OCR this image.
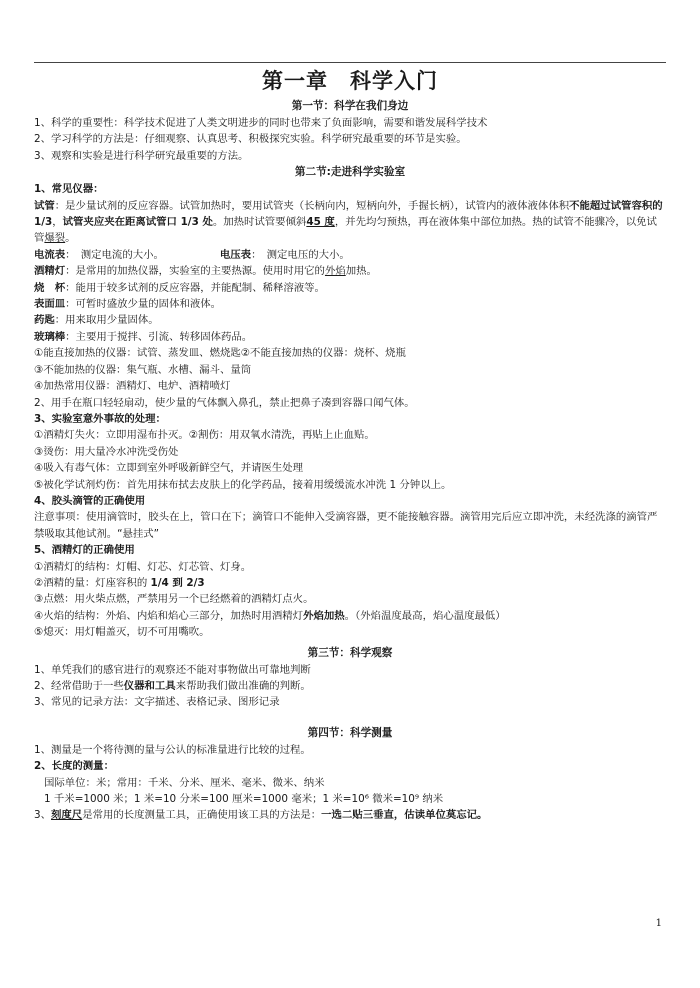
第一章　科学入门

第一节：科学在我们身边

1、科学的重要性：科学技术促进了人类文明进步的同时也带来了负面影响，需要和谐发展科学技术

2、学习科学的方法是：仔细观察、认真思考、积极探究实验。科学研究最重要的环节是实验。

3、观察和实验是进行科学研究最重要的方法。

第二节:走进科学实验室

1、常见仪器：

试管：是少量试剂的反应容器。试管加热时，要用试管夹（长柄向内，短柄向外，手握长柄），试管内的液体液体体积不能超过试管容积的 1/3，试管夹应夹在距离试管口 1/3 处。加热时试管要倾斜45 度，并先均匀预热，再在液体集中部位加热。热的试管不能骤冷，以免试管爆裂。

电流表：　测定电流的大小。	电压表：　测定电压的大小。

酒精灯：是常用的加热仪器，实验室的主要热源。使用时用它的外焰加热。

烧　杯：能用于较多试剂的反应容器，并能配制、稀释溶液等。

表面皿：可暂时盛放少量的固体和液体。

药匙：用来取用少量固体。

玻璃棒：主要用于搅拌、引流、转移固体药品。

①能直接加热的仪器：试管、蒸发皿、燃烧匙②不能直接加热的仪器：烧杯、烧瓶

③不能加热的仪器：集气瓶、水槽、漏斗、量筒

④加热常用仪器：酒精灯、电炉、酒精喷灯

2、用手在瓶口轻轻扇动，使少量的气体飘入鼻孔，禁止把鼻子凑到容器口闻气体。

3、实验室意外事故的处理：

①酒精灯失火：立即用湿布扑灭。②割伤：用双氧水清洗，再贴上止血贴。

③烫伤：用大量冷水冲洗受伤处

④吸入有毒气体：立即到室外呼吸新鲜空气，并请医生处理

⑤被化学试剂灼伤：首先用抹布拭去皮肤上的化学药品，接着用缓缓流水冲洗 1 分钟以上。

4、胶头滴管的正确使用

注意事项：使用滴管时，胶头在上，管口在下；滴管口不能伸入受滴容器，更不能接触容器。滴管用完后应立即冲洗，未经洗涤的滴管严禁吸取其他试剂。“悬挂式”

5、酒精灯的正确使用

①酒精灯的结构：灯帽、灯芯、灯芯管、灯身。

②酒精的量：灯座容积的 1/4 到 2/3

③点燃：用火柴点燃，严禁用另一个已经燃着的酒精灯点火。

④火焰的结构：外焰、内焰和焰心三部分，加热时用酒精灯外焰加热。（外焰温度最高，焰心温度最低）

⑤熄灭：用灯帽盖灭，切不可用嘴吹。

第三节：科学观察

1、单凭我们的感官进行的观察还不能对事物做出可靠地判断

2、经常借助于一些仪器和工具来帮助我们做出准确的判断。

3、常见的记录方法：文字描述、表格记录、图形记录

第四节：科学测量

1、测量是一个将待测的量与公认的标准量进行比较的过程。

2、长度的测量：

国际单位：米；常用：千米、分米、厘米、毫米、微米、纳米

1 千米=1000 米；1 米=10 分米=100 厘米=1000 毫米；1 米=10⁶ 微米=10⁹ 纳米

3、刻度尺是常用的长度测量工具，正确使用该工具的方法是：一选二贴三垂直，估读单位莫忘记。

1
